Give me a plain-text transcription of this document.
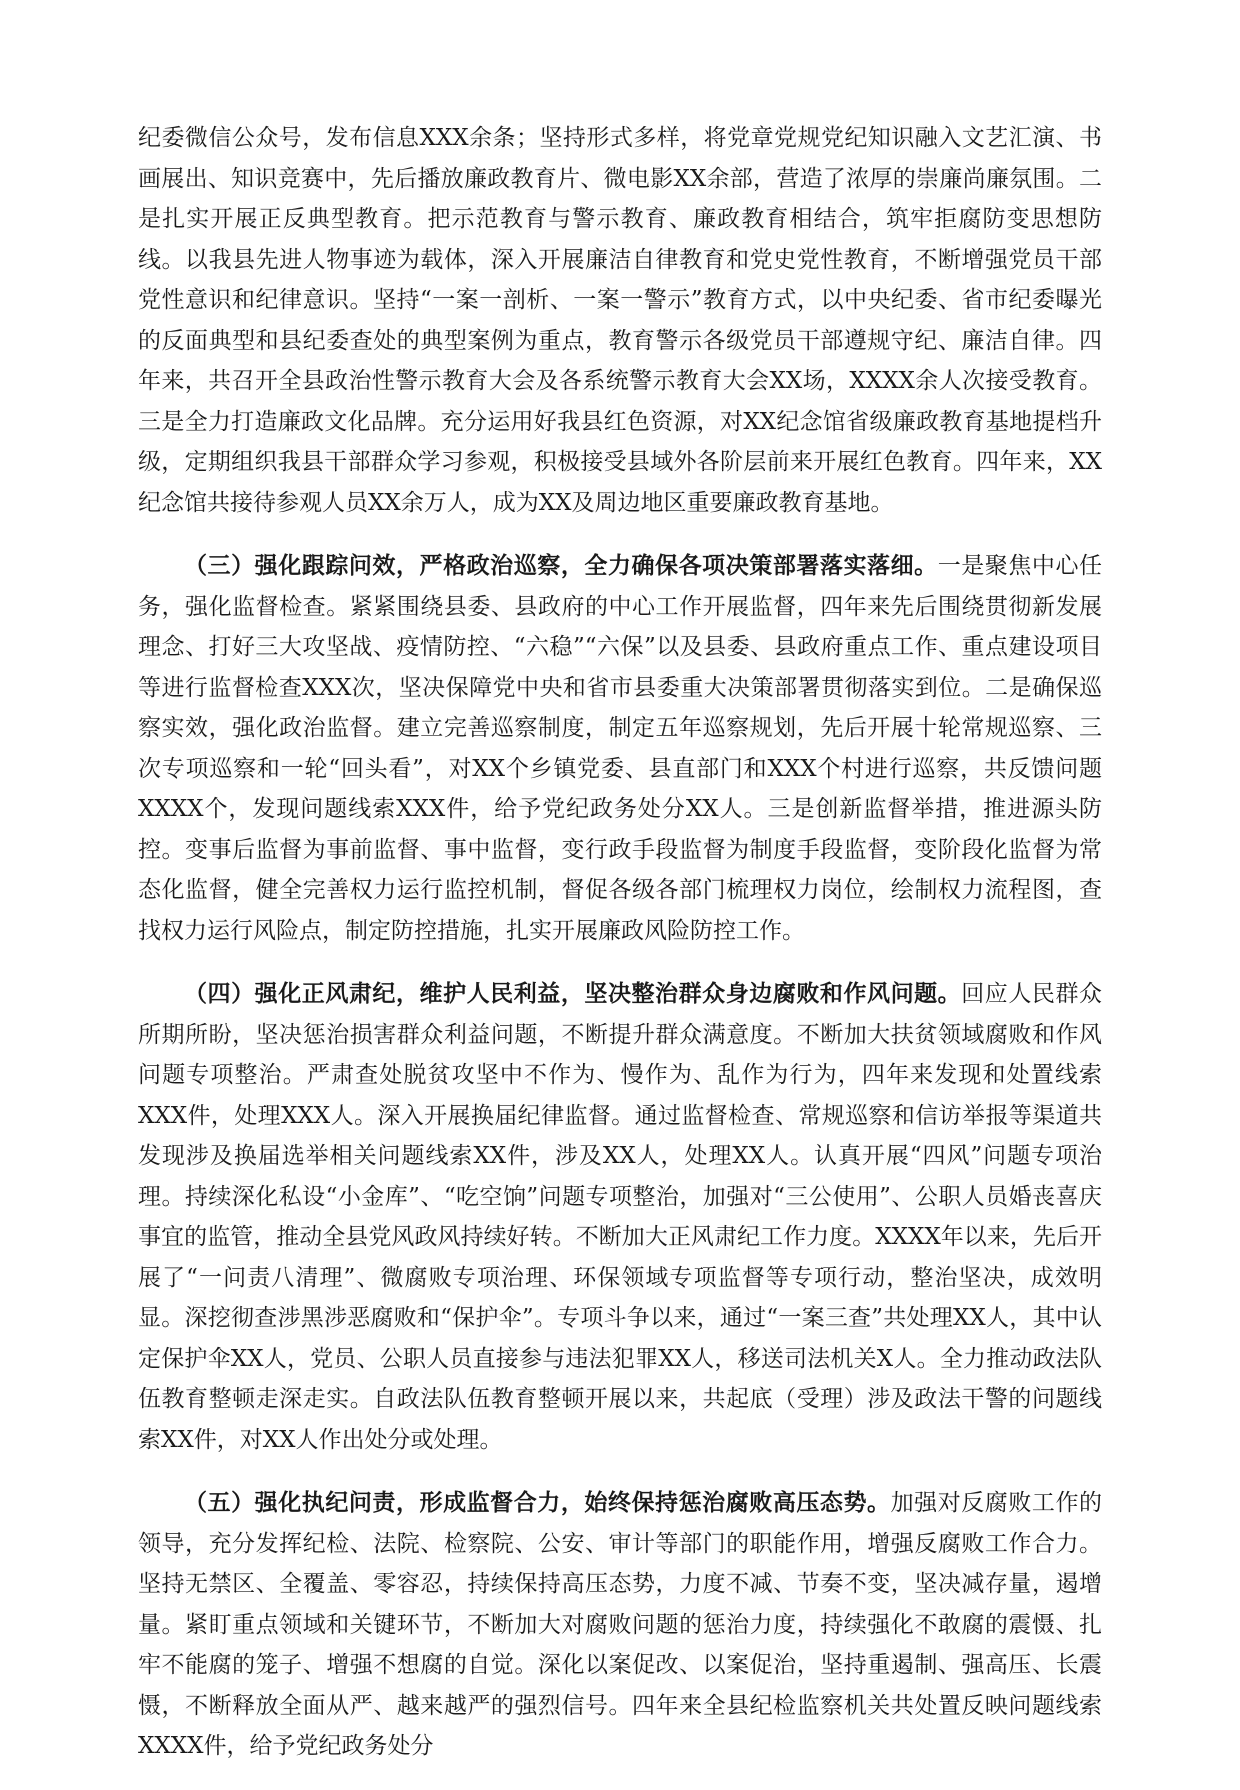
纪委微信公众号，发布信息XXX余条；坚持形式多样，将党章党规党纪知识融入文艺汇演、书画展出、知识竞赛中，先后播放廉政教育片、微电影XX余部，营造了浓厚的崇廉尚廉氛围。二是扎实开展正反典型教育。把示范教育与警示教育、廉政教育相结合，筑牢拒腐防变思想防线。以我县先进人物事迹为载体，深入开展廉洁自律教育和党史党性教育，不断增强党员干部党性意识和纪律意识。坚持“一案一剖析、一案一警示”教育方式，以中央纪委、省市纪委曝光的反面典型和县纪委查处的典型案例为重点，教育警示各级党员干部遵规守纪、廉洁自律。四年来，共召开全县政治性警示教育大会及各系统警示教育大会XX场，XXXX余人次接受教育。三是全力打造廉政文化品牌。充分运用好我县红色资源，对XX纪念馆省级廉政教育基地提档升级，定期组织我县干部群众学习参观，积极接受县域外各阶层前来开展红色教育。四年来，XX纪念馆共接待参观人员XX余万人，成为XX及周边地区重要廉政教育基地。

（三）强化跟踪问效，严格政治巡察，全力确保各项决策部署落实落细。一是聚焦中心任务，强化监督检查。紧紧围绕县委、县政府的中心工作开展监督，四年来先后围绕贯彻新发展理念、打好三大攻坚战、疫情防控、“六稳”“六保”以及县委、县政府重点工作、重点建设项目等进行监督检查XXX次，坚决保障党中央和省市县委重大决策部署贯彻落实到位。二是确保巡察实效，强化政治监督。建立完善巡察制度，制定五年巡察规划，先后开展十轮常规巡察、三次专项巡察和一轮“回头看”，对XX个乡镇党委、县直部门和XXX个村进行巡察，共反馈问题XXXX个，发现问题线索XXX件，给予党纪政务处分XX人。三是创新监督举措，推进源头防控。变事后监督为事前监督、事中监督，变行政手段监督为制度手段监督，变阶段化监督为常态化监督，健全完善权力运行监控机制，督促各级各部门梳理权力岗位，绘制权力流程图，查找权力运行风险点，制定防控措施，扎实开展廉政风险防控工作。

（四）强化正风肃纪，维护人民利益，坚决整治群众身边腐败和作风问题。回应人民群众所期所盼，坚决惩治损害群众利益问题，不断提升群众满意度。不断加大扶贫领域腐败和作风问题专项整治。严肃查处脱贫攻坚中不作为、慢作为、乱作为行为，四年来发现和处置线索XXX件，处理XXX人。深入开展换届纪律监督。通过监督检查、常规巡察和信访举报等渠道共发现涉及换届选举相关问题线索XX件，涉及XX人，处理XX人。认真开展“四风”问题专项治理。持续深化私设“小金库”、“吃空饷”问题专项整治，加强对“三公使用”、公职人员婚丧喜庆事宜的监管，推动全县党风政风持续好转。不断加大正风肃纪工作力度。XXXX年以来，先后开展了“一问责八清理”、微腐败专项治理、环保领域专项监督等专项行动，整治坚决，成效明显。深挖彻查涉黑涉恶腐败和“保护伞”。专项斗争以来，通过“一案三查”共处理XX人，其中认定保护伞XX人，党员、公职人员直接参与违法犯罪XX人，移送司法机关X人。全力推动政法队伍教育整顿走深走实。自政法队伍教育整顿开展以来，共起底（受理）涉及政法干警的问题线索XX件，对XX人作出处分或处理。

（五）强化执纪问责，形成监督合力，始终保持惩治腐败高压态势。加强对反腐败工作的领导，充分发挥纪检、法院、检察院、公安、审计等部门的职能作用，增强反腐败工作合力。坚持无禁区、全覆盖、零容忍，持续保持高压态势，力度不减、节奏不变，坚决减存量，遏增量。紧盯重点领域和关键环节，不断加大对腐败问题的惩治力度，持续强化不敢腐的震慑、扎牢不能腐的笼子、增强不想腐的自觉。深化以案促改、以案促治，坚持重遏制、强高压、长震慑，不断释放全面从严、越来越严的强烈信号。四年来全县纪检监察机关共处置反映问题线索XXXX件，给予党纪政务处分
